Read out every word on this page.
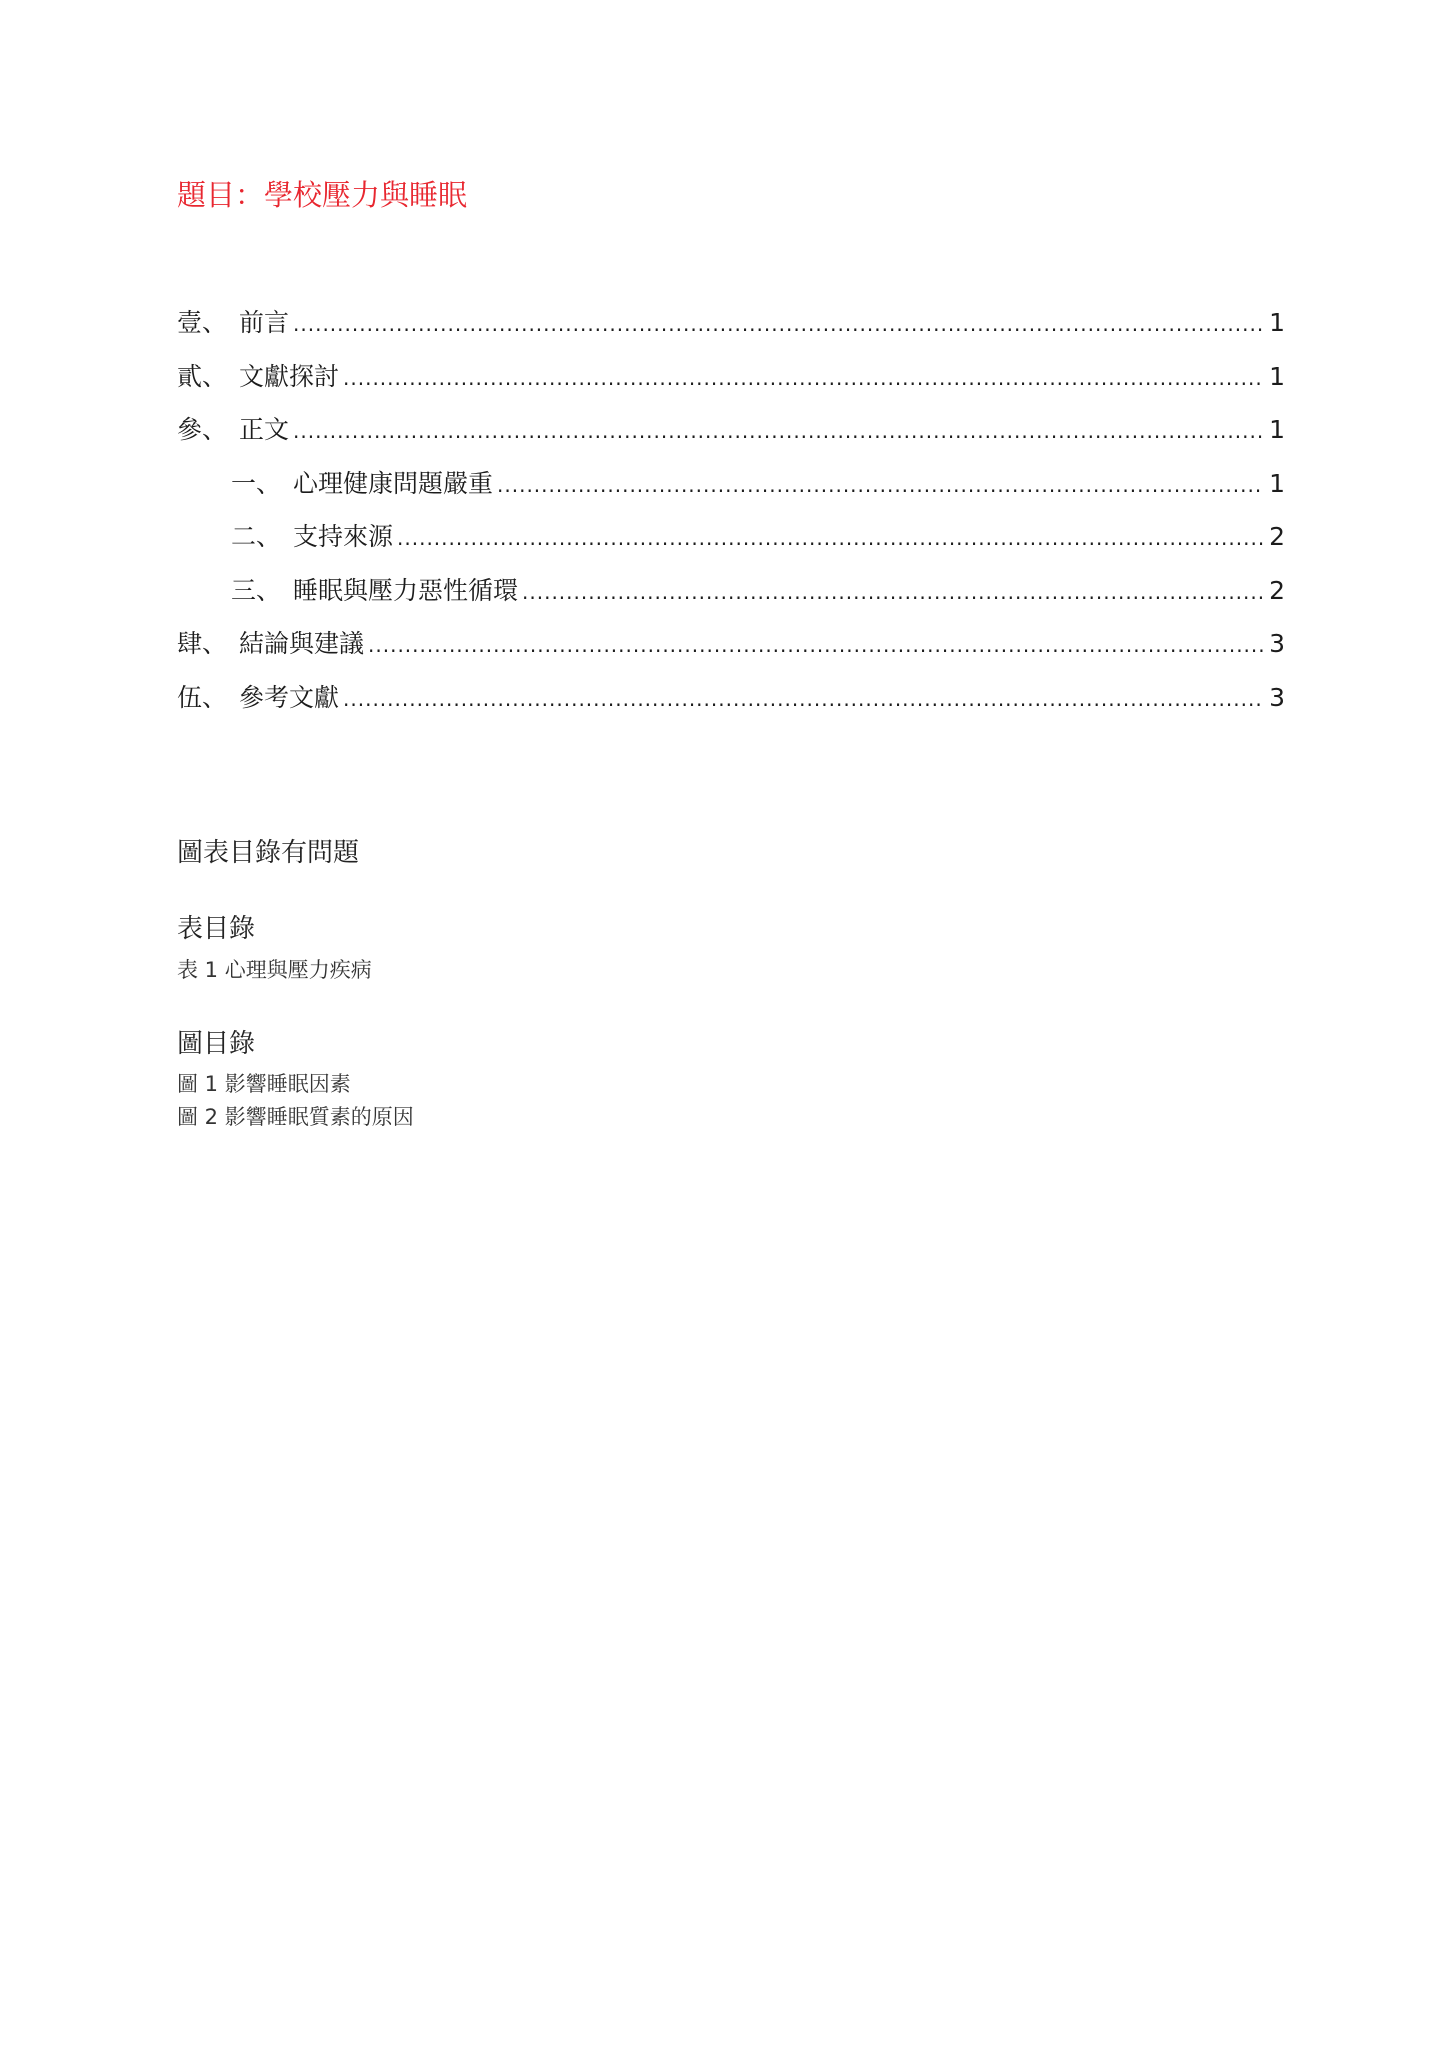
題目：學校壓力與睡眠
壹、 前言 .....	1
貳、 文獻探討 .....	1
參、 正文 .....	1
一、 心理健康問題嚴重 .....	1
二、 支持來源 .....	2
三、 睡眠與壓力惡性循環 .....	2
肆、 結論與建議 .....	3
伍、 參考文獻 .....	3
圖表目錄有問題
表目錄
表 1 心理與壓力疾病
圖目錄
圖 1 影響睡眠因素
圖 2 影響睡眠質素的原因
